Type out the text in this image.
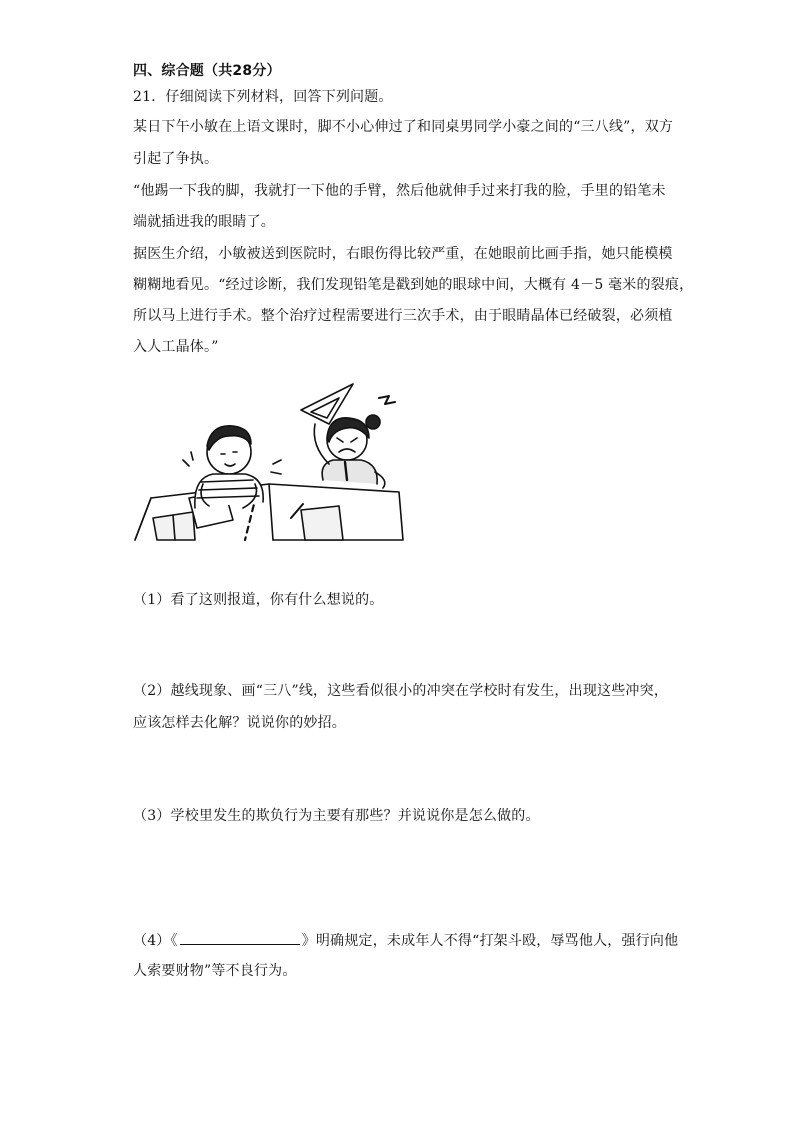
四、综合题（共28分）
21．仔细阅读下列材料，回答下列问题。
某日下午小敏在上语文课时，脚不小心伸过了和同桌男同学小豪之间的“三八线”，双方
引起了争执。
“他踢一下我的脚，我就打一下他的手臂，然后他就伸手过来打我的脸，手里的铅笔未
端就插进我的眼睛了。
据医生介绍，小敏被送到医院时，右眼伤得比较严重，在她眼前比画手指，她只能模模
糊糊地看见。“经过诊断，我们发现铅笔是戳到她的眼球中间，大概有 4－5 毫米的裂痕，
所以马上进行手术。整个治疗过程需要进行三次手术，由于眼睛晶体已经破裂，必须植
入人工晶体。”
（1）看了这则报道，你有什么想说的。
（2）越线现象、画“三八”线，这些看似很小的冲突在学校时有发生，出现这些冲突，
应该怎样去化解？说说你的妙招。
（3）学校里发生的欺负行为主要有那些？并说说你是怎么做的。
（4）《	》明确规定，未成年人不得“打架斗殴，辱骂他人，强行向他
人索要财物”等不良行为。
